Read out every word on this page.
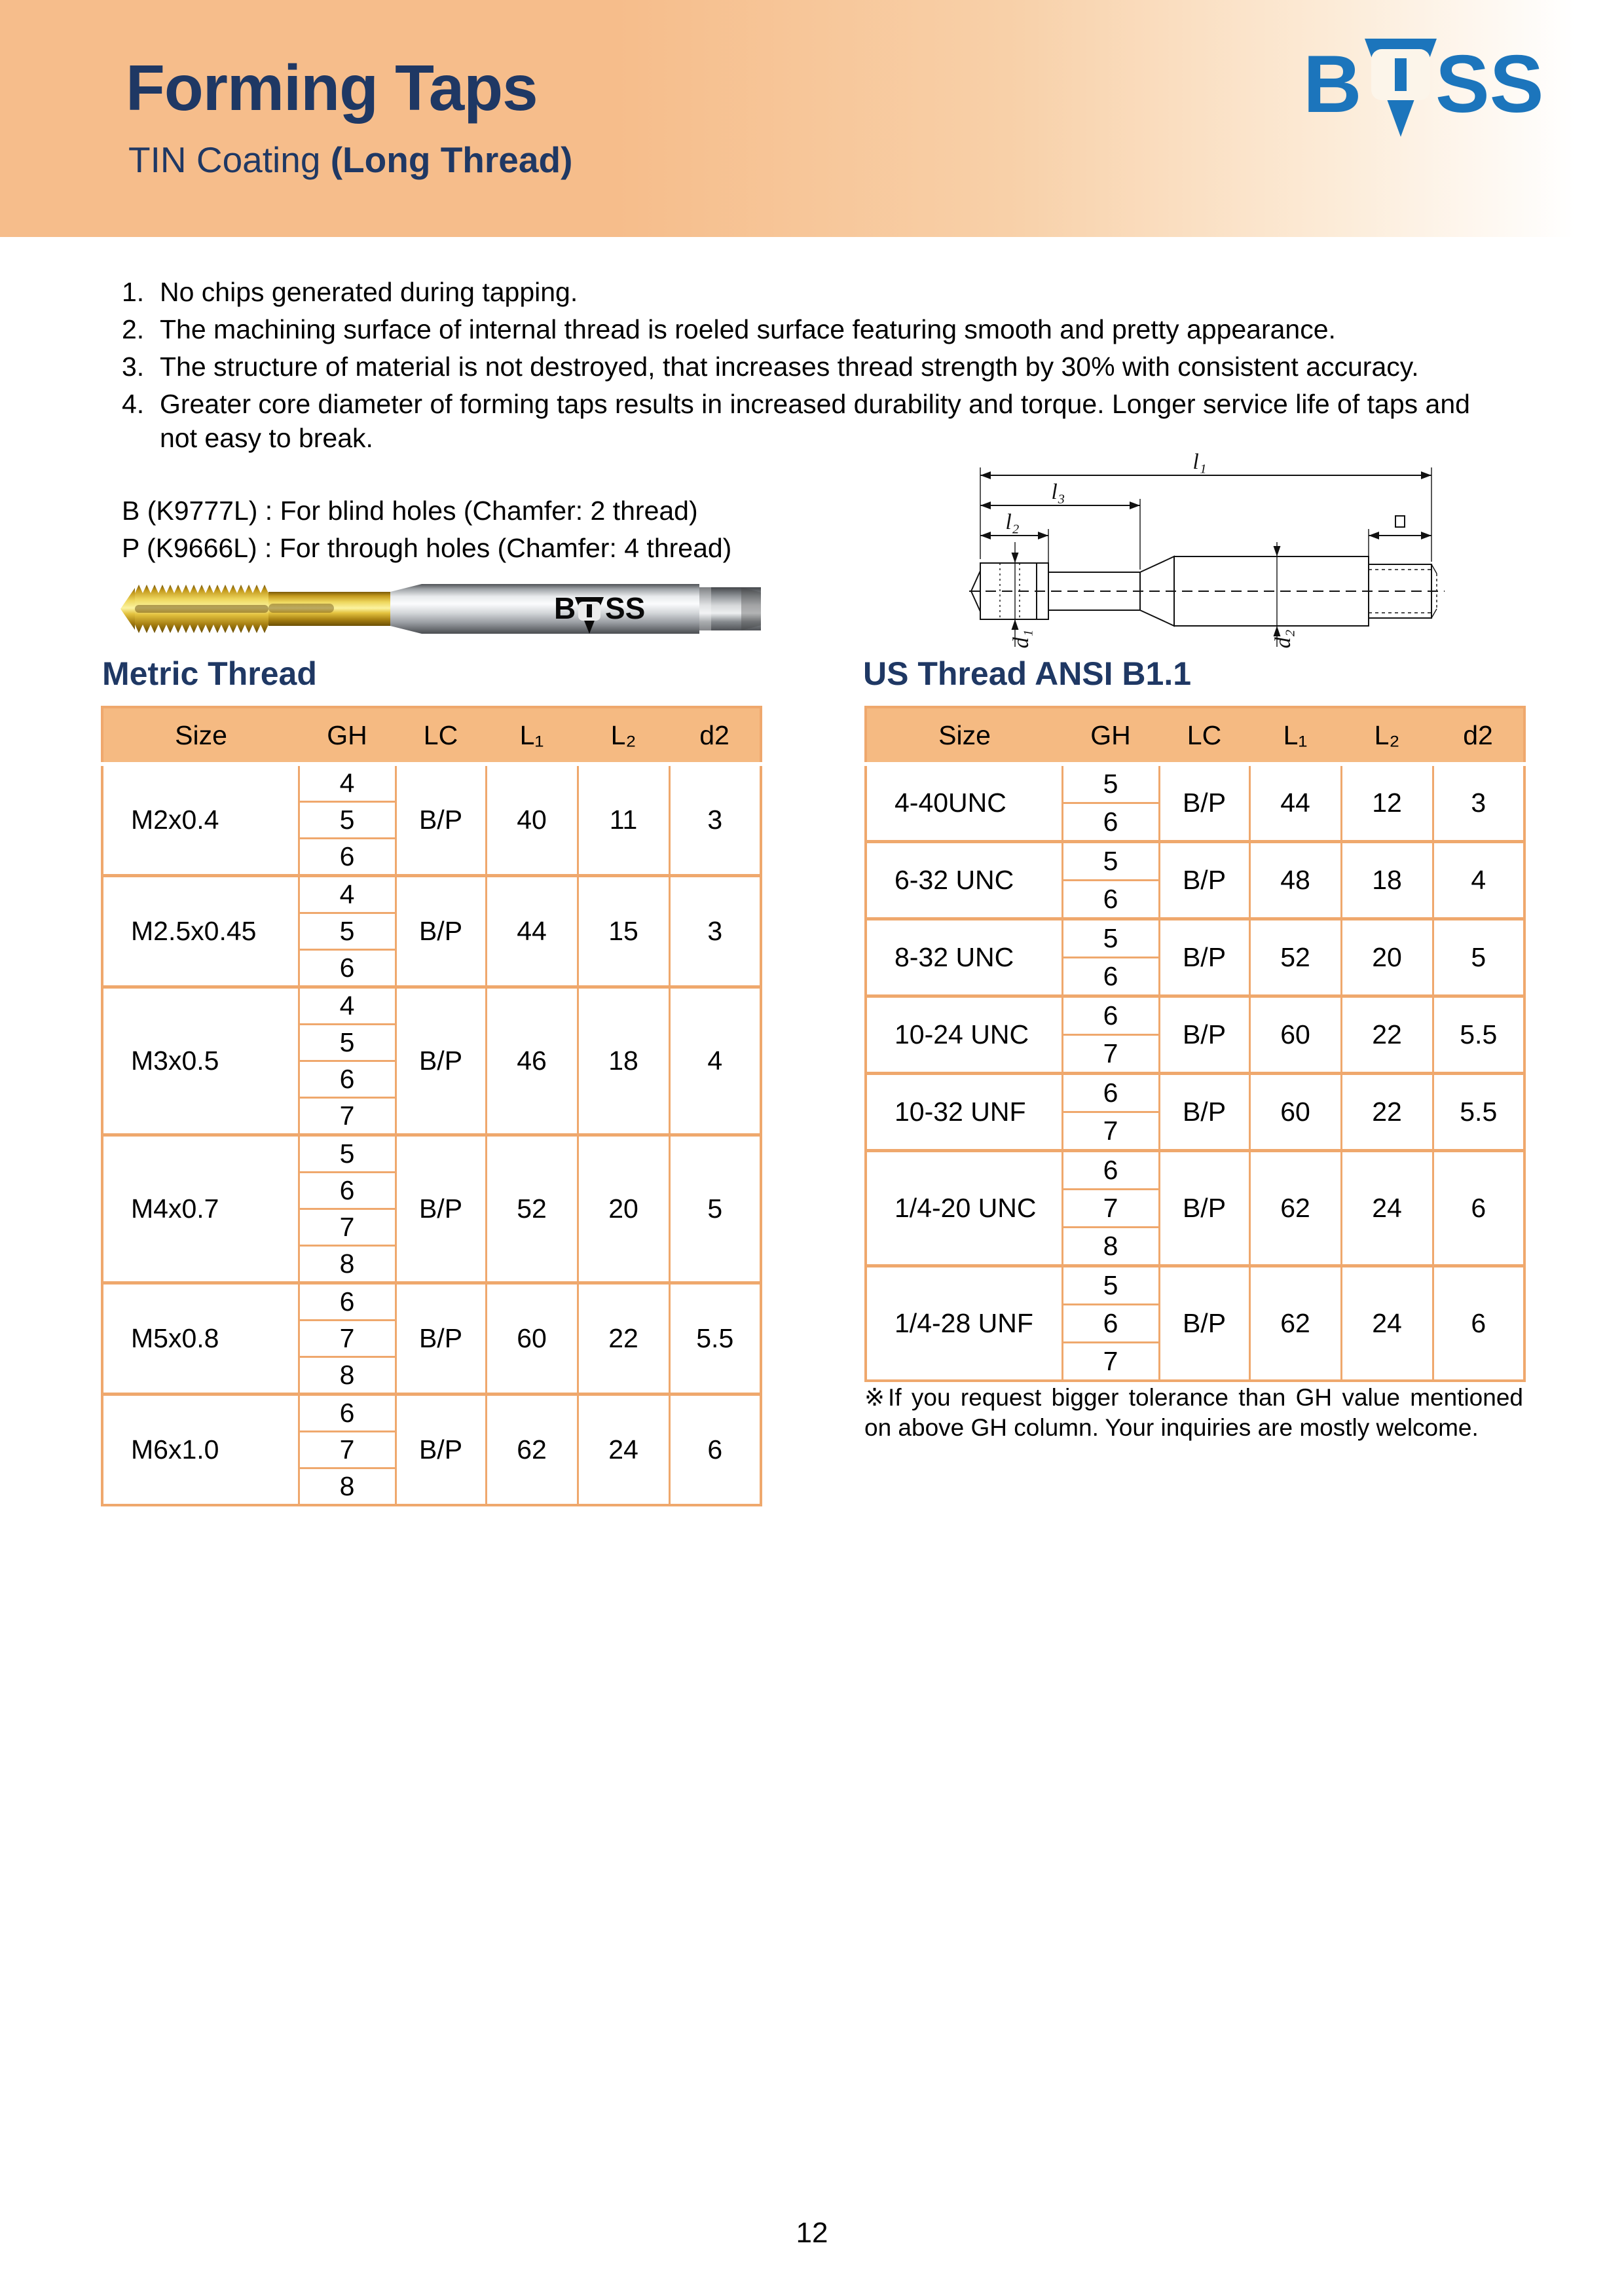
Forming Taps
TIN Coating (Long Thread)
B SS
1. No chips generated during tapping.
2. The machining surface of internal thread is roeled surface featuring smooth and pretty appearance.
3. The structure of material is not destroyed, that increases thread strength by 30% with consistent accuracy.
4. Greater core diameter of forming taps results in increased durability and torque. Longer service life of taps and not easy to break.
B (K9777L) : For blind holes (Chamfer: 2 thread)
P (K9666L) : For through holes (Chamfer: 4 thread)
B SS
l₁
l₃
l₂
d₁	d₂
Metric Thread	US Thread ANSI B1.1
Size	GH	LC	L₁	L₂	d2
M2x0.4	4	B/P	40	11	3
	5				
	6				
M2.5x0.45	4	B/P	44	15	3
	5				
	6				
M3x0.5	4	B/P	46	18	4
	5				
	6				
	7				
M4x0.7	5	B/P	52	20	5
	6				
	7				
	8				
M5x0.8	6	B/P	60	22	5.5
	7				
	8				
M6x1.0	6	B/P	62	24	6
	7				
	8				
Size	GH	LC	L₁	L₂	d2
4-40UNC	5	B/P	44	12	3
	6				
6-32 UNC	5	B/P	48	18	4
	6				
8-32 UNC	5	B/P	52	20	5
	6				
10-24 UNC	6	B/P	60	22	5.5
	7				
10-32 UNF	6	B/P	60	22	5.5
	7				
1/4-20 UNC	6	B/P	62	24	6
	7				
	8				
1/4-28 UNF	5	B/P	62	24	6
	6				
	7				
※If you request bigger tolerance than GH value mentioned on above GH column. Your inquiries are mostly welcome.
12
